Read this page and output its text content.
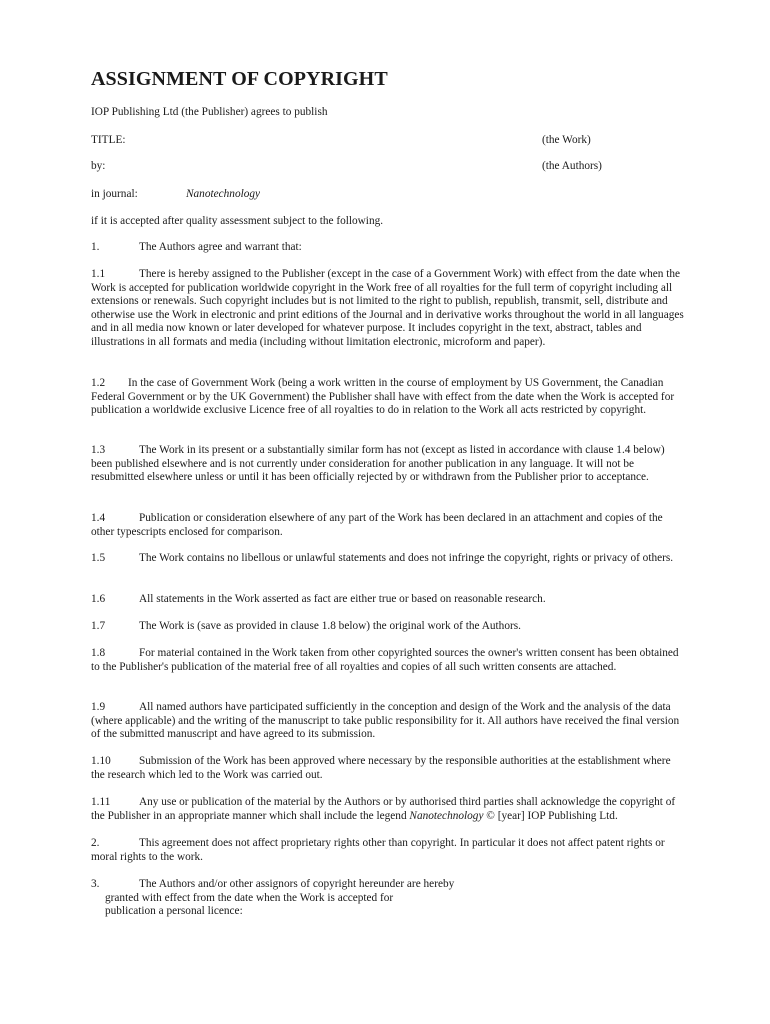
ASSIGNMENT OF COPYRIGHT
IOP Publishing Ltd (the Publisher) agrees to publish
TITLE:	(the Work)
by:	(the Authors)
in journal:	Nanotechnology
if it is accepted after quality assessment subject to the following.
1.	The Authors agree and warrant that:
1.1	There is hereby assigned to the Publisher (except in the case of a Government Work) with effect from the date when the Work is accepted for publication worldwide copyright in the Work free of all royalties for the full term of copyright including all extensions or renewals. Such copyright includes but is not limited to the right to publish, republish, transmit, sell, distribute and otherwise use the Work in electronic and print editions of the Journal and in derivative works throughout the world in all languages and in all media now known or later developed for whatever purpose. It includes copyright in the text, abstract, tables and illustrations in all formats and media (including without limitation electronic, microform and paper).
1.2 In the case of Government Work (being a work written in the course of employment by US Government, the Canadian Federal Government or by the UK Government) the Publisher shall have with effect from the date when the Work is accepted for publication a worldwide exclusive Licence free of all royalties to do in relation to the Work all acts restricted by copyright.
1.3	The Work in its present or a substantially similar form has not (except as listed in accordance with clause 1.4 below) been published elsewhere and is not currently under consideration for another publication in any language. It will not be resubmitted elsewhere unless or until it has been officially rejected by or withdrawn from the Publisher prior to acceptance.
1.4	Publication or consideration elsewhere of any part of the Work has been declared in an attachment and copies of the other typescripts enclosed for comparison.
1.5	The Work contains no libellous or unlawful statements and does not infringe the copyright, rights or privacy of others.
1.6	All statements in the Work asserted as fact are either true or based on reasonable research.
1.7	The Work is (save as provided in clause 1.8 below) the original work of the Authors.
1.8	For material contained in the Work taken from other copyrighted sources the owner's written consent has been obtained to the Publisher's publication of the material free of all royalties and copies of all such written consents are attached.
1.9	All named authors have participated sufficiently in the conception and design of the Work and the analysis of the data (where applicable) and the writing of the manuscript to take public responsibility for it. All authors have received the final version of the submitted manuscript and have agreed to its submission.
1.10 Submission of the Work has been approved where necessary by the responsible authorities at the establishment where the research which led to the Work was carried out.
1.11	Any use or publication of the material by the Authors or by authorised third parties shall acknowledge the copyright of the Publisher in an appropriate manner which shall include the legend Nanotechnology © [year] IOP Publishing Ltd.
2.	This agreement does not affect proprietary rights other than copyright. In particular it does not affect patent rights or moral rights to the work.
3.	The Authors and/or other assignors of copyright hereunder are hereby
granted with effect from the date when the Work is accepted for
publication a personal licence:
